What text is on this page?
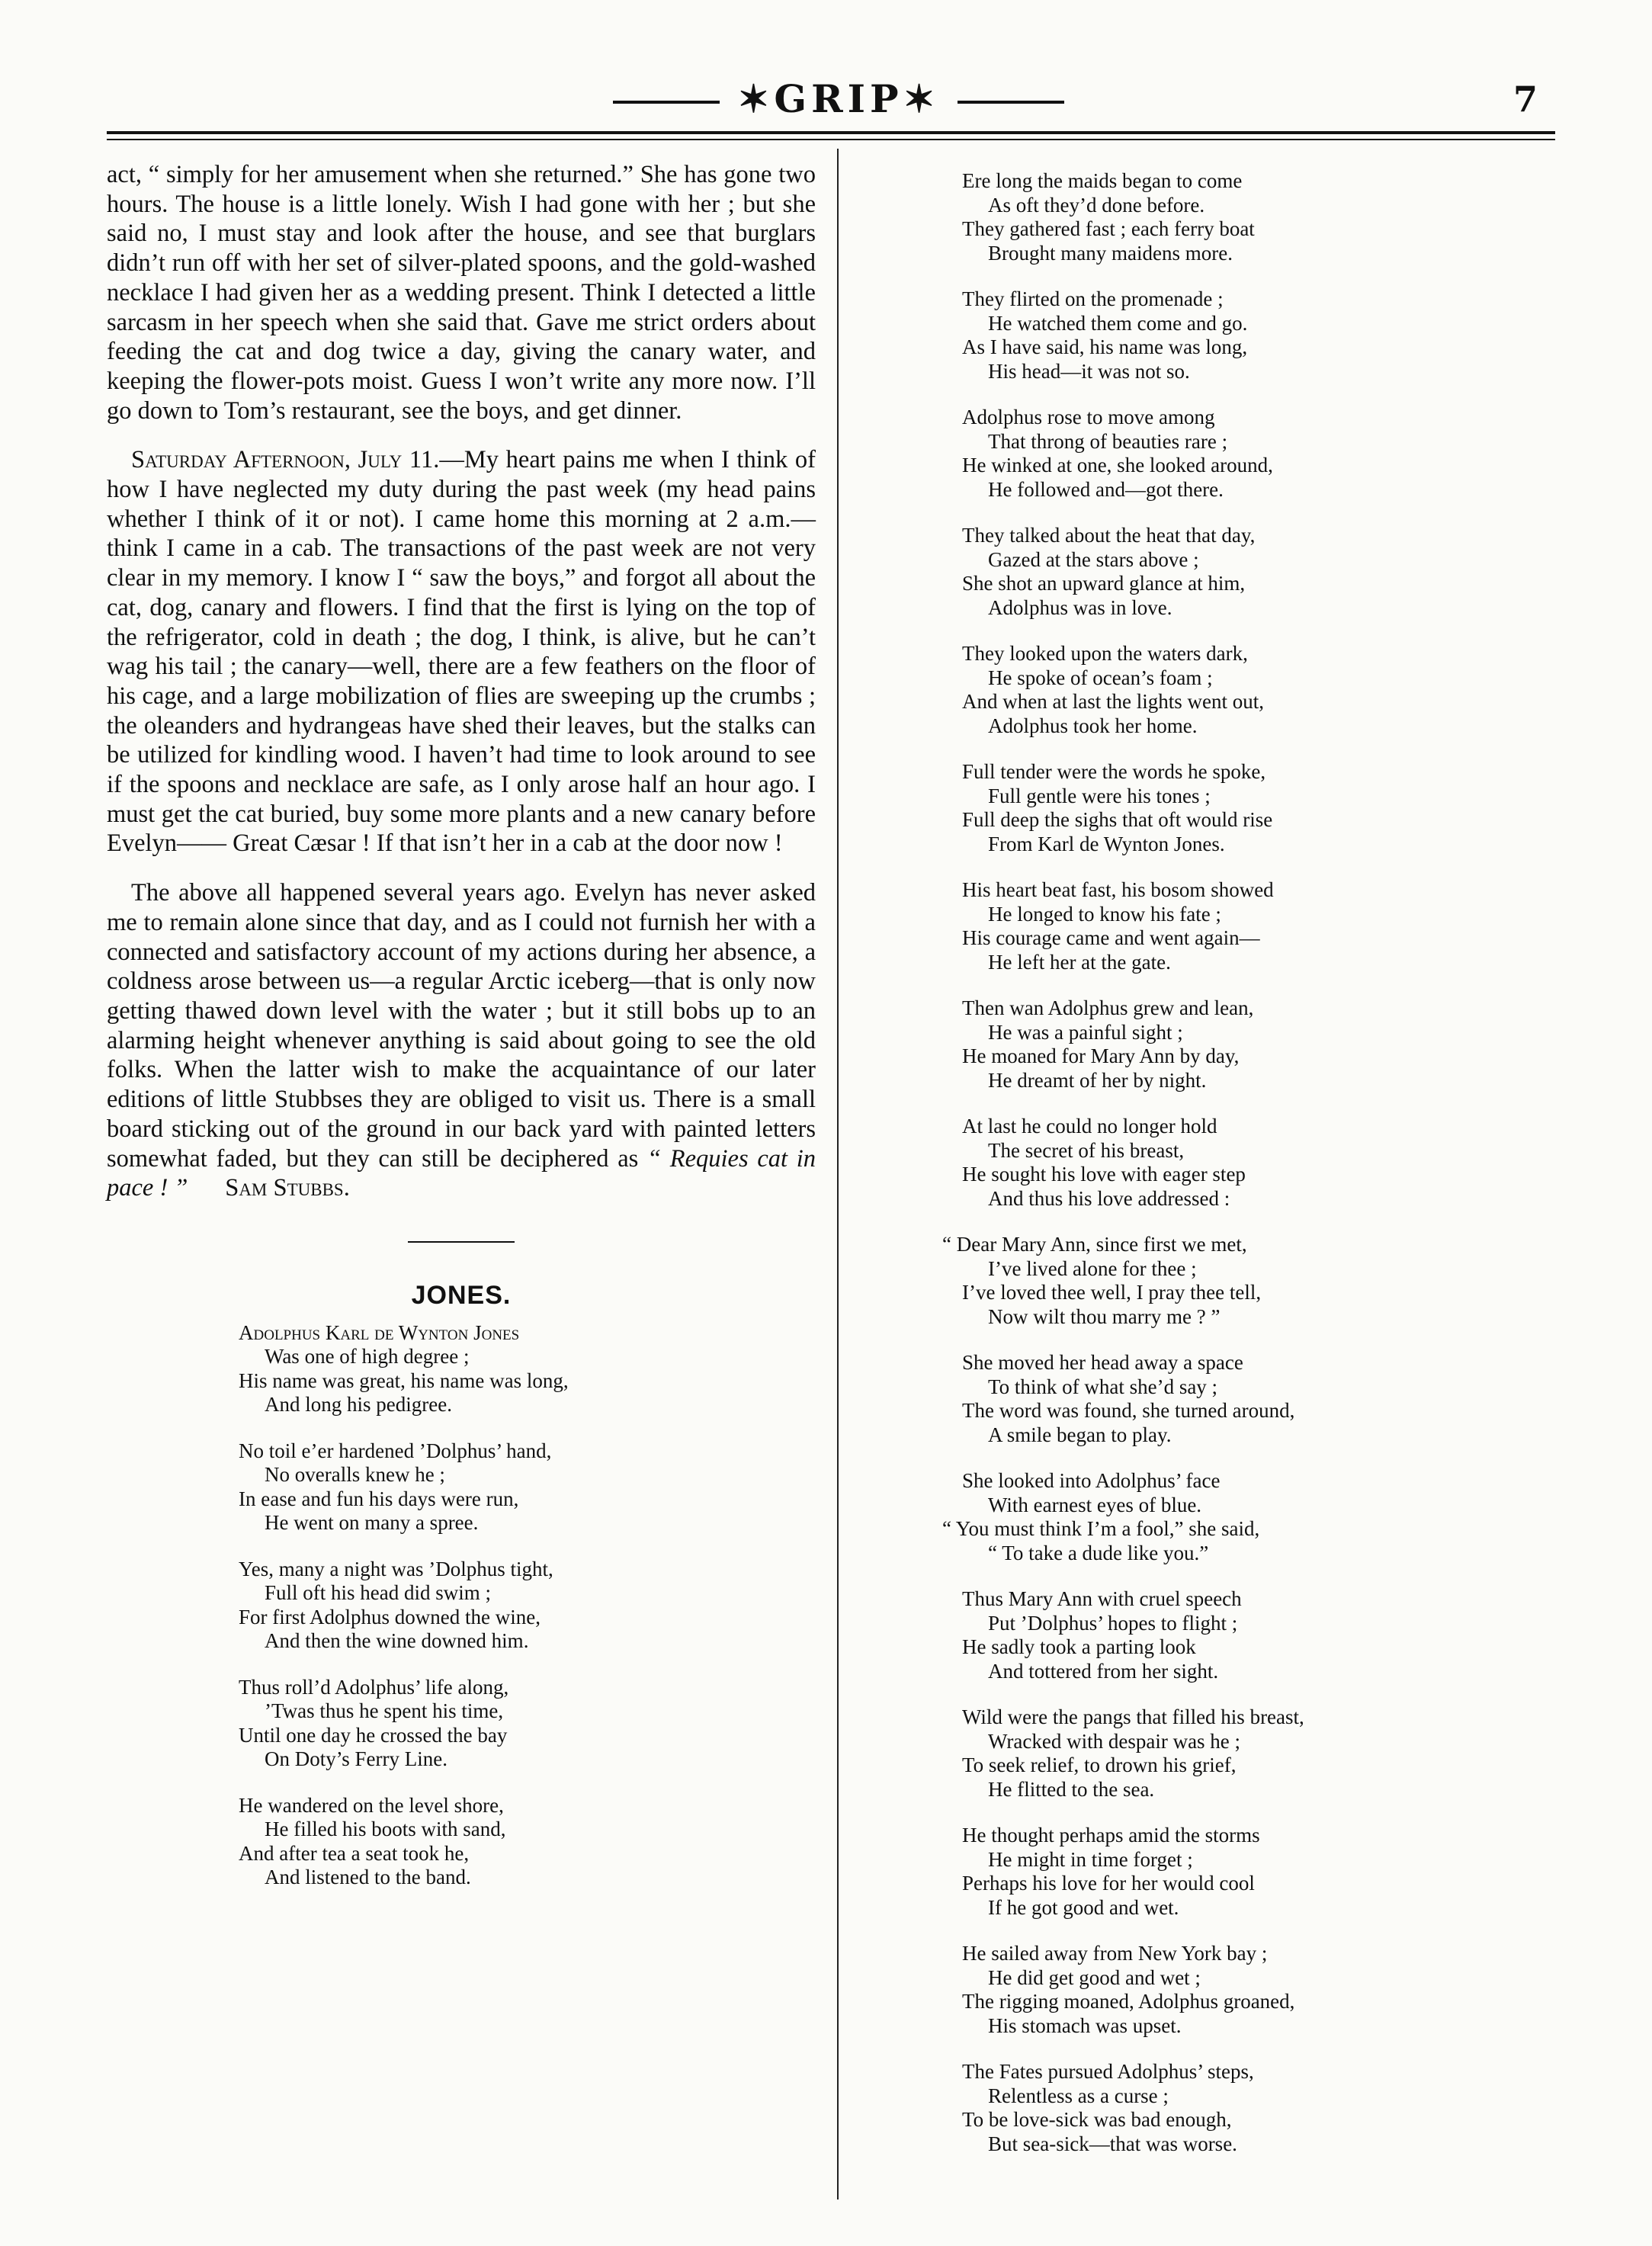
✶GRIP✶	7

act, “ simply for her amusement when she returned.” She has gone two hours. The house is a little lonely. Wish I had gone with her ; but she said no, I must stay and look after the house, and see that burglars didn’t run off with her set of silver-plated spoons, and the gold-washed necklace I had given her as a wedding present. Think I detected a little sarcasm in her speech when she said that. Gave me strict orders about feeding the cat and dog twice a day, giving the canary water, and keeping the flower-pots moist. Guess I won’t write any more now. I’ll go down to Tom’s restaurant, see the boys, and get dinner.

Saturday Afternoon, July 11.—My heart pains me when I think of how I have neglected my duty during the past week (my head pains whether I think of it or not). I came home this morning at 2 a.m.—think I came in a cab. The transactions of the past week are not very clear in my memory. I know I “ saw the boys,” and forgot all about the cat, dog, canary and flowers. I find that the first is lying on the top of the refrigerator, cold in death ; the dog, I think, is alive, but he can’t wag his tail ; the canary—well, there are a few feathers on the floor of his cage, and a large mobilization of flies are sweeping up the crumbs ; the oleanders and hydrangeas have shed their leaves, but the stalks can be utilized for kindling wood. I haven’t had time to look around to see if the spoons and necklace are safe, as I only arose half an hour ago. I must get the cat buried, buy some more plants and a new canary before Evelyn—— Great Cæsar ! If that isn’t her in a cab at the door now !

The above all happened several years ago. Evelyn has never asked me to remain alone since that day, and as I could not furnish her with a connected and satisfactory account of my actions during her absence, a coldness arose between us—a regular Arctic iceberg—that is only now getting thawed down level with the water ; but it still bobs up to an alarming height whenever anything is said about going to see the old folks. When the latter wish to make the acquaintance of our later editions of little Stubbses they are obliged to visit us. There is a small board sticking out of the ground in our back yard with painted letters somewhat faded, but they can still be deciphered as “ Requies cat in pace ! ” Sam Stubbs.

JONES.
Adolphus Karl de Wynton Jones
Was one of high degree ;
His name was great, his name was long,
And long his pedigree.
No toil e’er hardened ’Dolphus’ hand,
No overalls knew he ;
In ease and fun his days were run,
He went on many a spree.
Yes, many a night was ’Dolphus tight,
Full oft his head did swim ;
For first Adolphus downed the wine,
And then the wine downed him.
Thus roll’d Adolphus’ life along,
’Twas thus he spent his time,
Until one day he crossed the bay
On Doty’s Ferry Line.
He wandered on the level shore,
He filled his boots with sand,
And after tea a seat took he,
And listened to the band.
Ere long the maids began to come
As oft they’d done before.
They gathered fast ; each ferry boat
Brought many maidens more.
They flirted on the promenade ;
He watched them come and go.
As I have said, his name was long,
His head—it was not so.
Adolphus rose to move among
That throng of beauties rare ;
He winked at one, she looked around,
He followed and—got there.
They talked about the heat that day,
Gazed at the stars above ;
She shot an upward glance at him,
Adolphus was in love.
They looked upon the waters dark,
He spoke of ocean’s foam ;
And when at last the lights went out,
Adolphus took her home.
Full tender were the words he spoke,
Full gentle were his tones ;
Full deep the sighs that oft would rise
From Karl de Wynton Jones.
His heart beat fast, his bosom showed
He longed to know his fate ;
His courage came and went again—
He left her at the gate.
Then wan Adolphus grew and lean,
He was a painful sight ;
He moaned for Mary Ann by day,
He dreamt of her by night.
At last he could no longer hold
The secret of his breast,
He sought his love with eager step
And thus his love addressed :
“ Dear Mary Ann, since first we met,
I’ve lived alone for thee ;
I’ve loved thee well, I pray thee tell,
Now wilt thou marry me ? ”
She moved her head away a space
To think of what she’d say ;
The word was found, she turned around,
A smile began to play.
She looked into Adolphus’ face
With earnest eyes of blue.
“ You must think I’m a fool,” she said,
“ To take a dude like you.”
Thus Mary Ann with cruel speech
Put ’Dolphus’ hopes to flight ;
He sadly took a parting look
And tottered from her sight.
Wild were the pangs that filled his breast,
Wracked with despair was he ;
To seek relief, to drown his grief,
He flitted to the sea.
He thought perhaps amid the storms
He might in time forget ;
Perhaps his love for her would cool
If he got good and wet.
He sailed away from New York bay ;
He did get good and wet ;
The rigging moaned, Adolphus groaned,
His stomach was upset.
The Fates pursued Adolphus’ steps,
Relentless as a curse ;
To be love-sick was bad enough,
But sea-sick—that was worse.
